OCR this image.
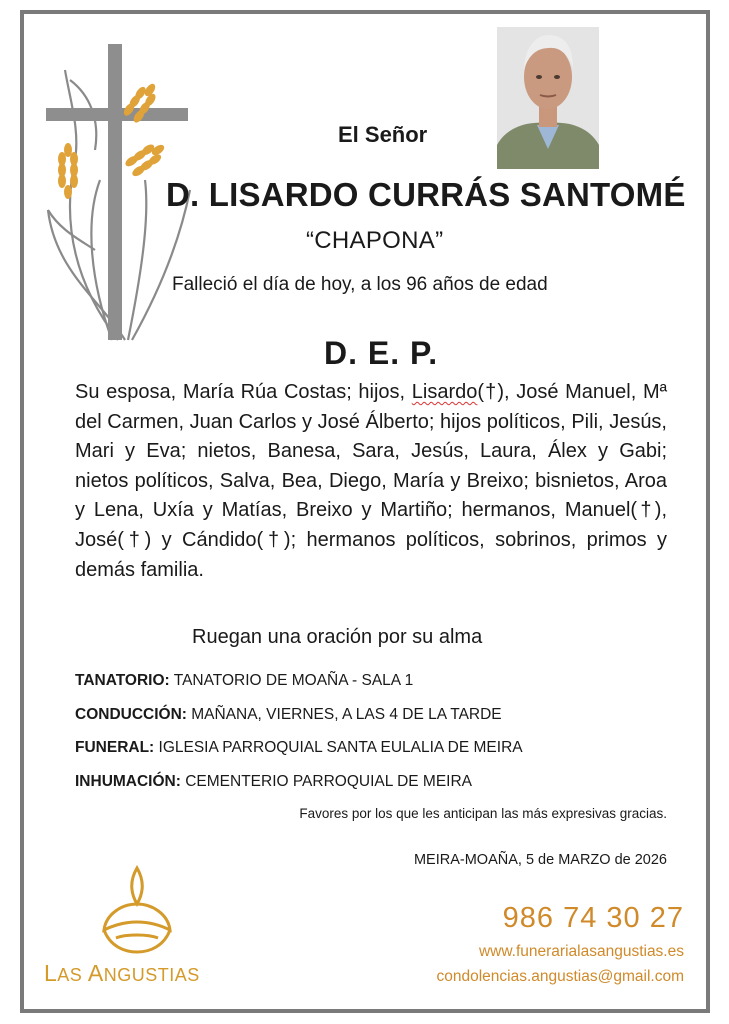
El Señor
D. LISARDO CURRÁS SANTOMÉ
“CHAPONA”
Falleció el día de hoy, a los 96 años de edad
D. E. P.
Su esposa, María Rúa Costas; hijos, Lisardo(†), José Manuel, Mª del Carmen, Juan Carlos y José Álberto; hijos políticos, Pili, Jesús, Mari y Eva; nietos, Banesa, Sara, Jesús, Laura, Álex y Gabi; nietos políticos, Salva, Bea, Diego, María y Breixo; bisnietos, Aroa y Lena, Uxía y Matías, Breixo y Martiño; hermanos, Manuel(†), José(†) y Cándido(†); hermanos políticos, sobrinos, primos y demás familia.
Ruegan una oración por su alma
TANATORIO: TANATORIO DE MOAÑA - SALA 1
CONDUCCIÓN: MAÑANA, VIERNES, A LAS 4 DE LA TARDE
FUNERAL: IGLESIA PARROQUIAL SANTA EULALIA DE MEIRA
INHUMACIÓN: CEMENTERIO PARROQUIAL DE MEIRA
Favores por los que les anticipan las más expresivas gracias.
MEIRA-MOAÑA, 5 de MARZO de 2026
LAS ANGUSTIAS
986 74 30 27
www.funerarialasangustias.es
condolencias.angustias@gmail.com
